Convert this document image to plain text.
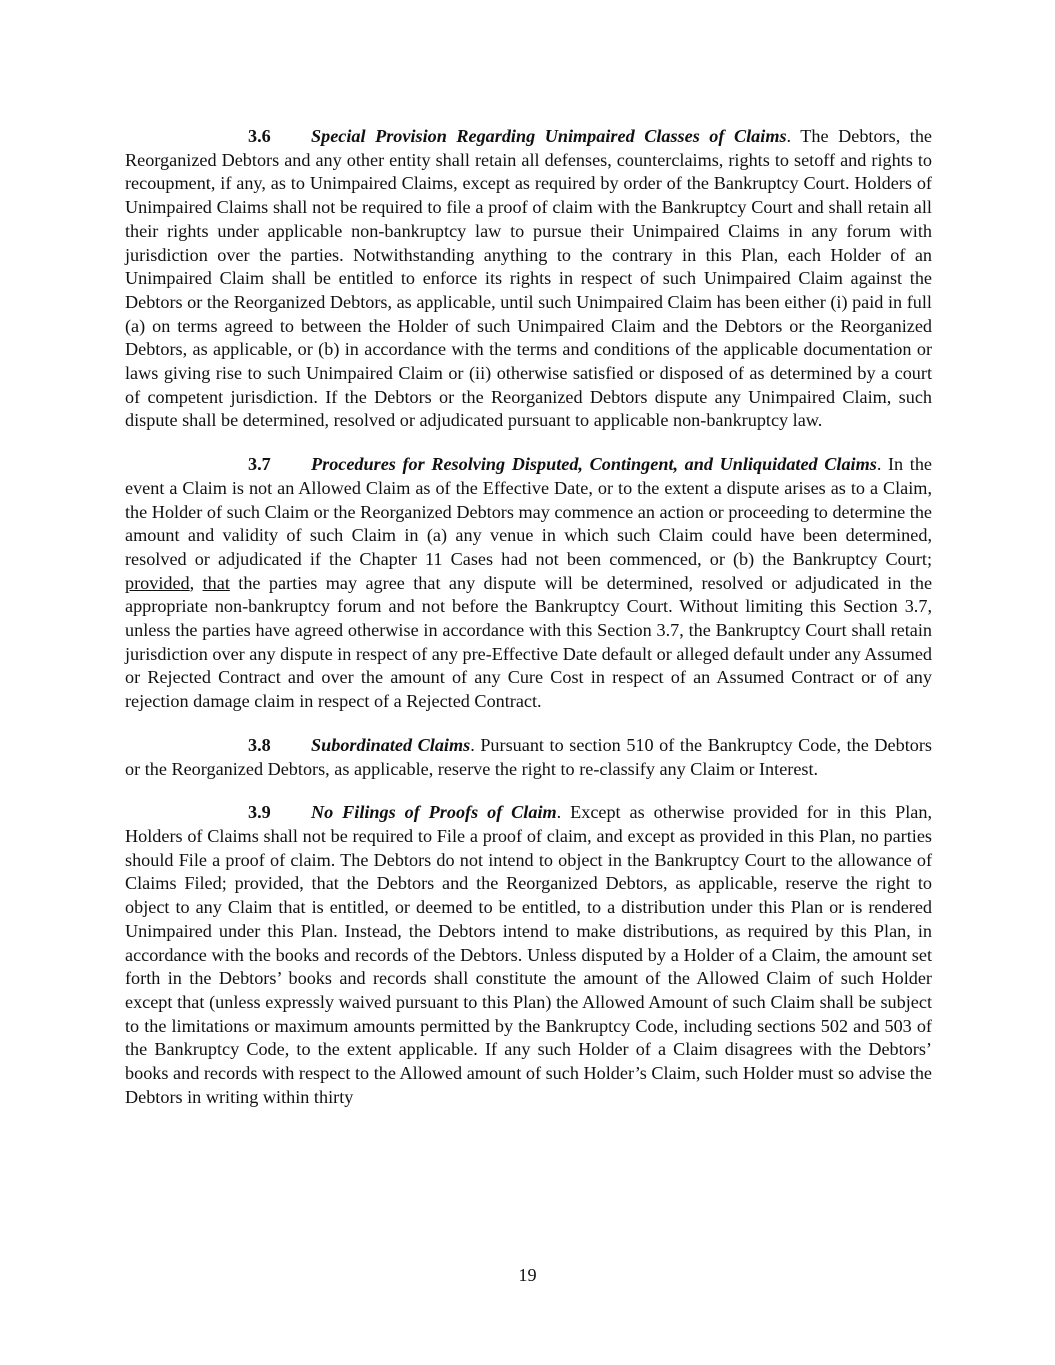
3.6 Special Provision Regarding Unimpaired Classes of Claims. The Debtors, the Reorganized Debtors and any other entity shall retain all defenses, counterclaims, rights to setoff and rights to recoupment, if any, as to Unimpaired Claims, except as required by order of the Bankruptcy Court. Holders of Unimpaired Claims shall not be required to file a proof of claim with the Bankruptcy Court and shall retain all their rights under applicable non-bankruptcy law to pursue their Unimpaired Claims in any forum with jurisdiction over the parties. Notwithstanding anything to the contrary in this Plan, each Holder of an Unimpaired Claim shall be entitled to enforce its rights in respect of such Unimpaired Claim against the Debtors or the Reorganized Debtors, as applicable, until such Unimpaired Claim has been either (i) paid in full (a) on terms agreed to between the Holder of such Unimpaired Claim and the Debtors or the Reorganized Debtors, as applicable, or (b) in accordance with the terms and conditions of the applicable documentation or laws giving rise to such Unimpaired Claim or (ii) otherwise satisfied or disposed of as determined by a court of competent jurisdiction. If the Debtors or the Reorganized Debtors dispute any Unimpaired Claim, such dispute shall be determined, resolved or adjudicated pursuant to applicable non-bankruptcy law.

3.7 Procedures for Resolving Disputed, Contingent, and Unliquidated Claims. In the event a Claim is not an Allowed Claim as of the Effective Date, or to the extent a dispute arises as to a Claim, the Holder of such Claim or the Reorganized Debtors may commence an action or proceeding to determine the amount and validity of such Claim in (a) any venue in which such Claim could have been determined, resolved or adjudicated if the Chapter 11 Cases had not been commenced, or (b) the Bankruptcy Court; provided, that the parties may agree that any dispute will be determined, resolved or adjudicated in the appropriate non-bankruptcy forum and not before the Bankruptcy Court. Without limiting this Section 3.7, unless the parties have agreed otherwise in accordance with this Section 3.7, the Bankruptcy Court shall retain jurisdiction over any dispute in respect of any pre-Effective Date default or alleged default under any Assumed or Rejected Contract and over the amount of any Cure Cost in respect of an Assumed Contract or of any rejection damage claim in respect of a Rejected Contract.

3.8 Subordinated Claims. Pursuant to section 510 of the Bankruptcy Code, the Debtors or the Reorganized Debtors, as applicable, reserve the right to re-classify any Claim or Interest.

3.9 No Filings of Proofs of Claim. Except as otherwise provided for in this Plan, Holders of Claims shall not be required to File a proof of claim, and except as provided in this Plan, no parties should File a proof of claim. The Debtors do not intend to object in the Bankruptcy Court to the allowance of Claims Filed; provided, that the Debtors and the Reorganized Debtors, as applicable, reserve the right to object to any Claim that is entitled, or deemed to be entitled, to a distribution under this Plan or is rendered Unimpaired under this Plan. Instead, the Debtors intend to make distributions, as required by this Plan, in accordance with the books and records of the Debtors. Unless disputed by a Holder of a Claim, the amount set forth in the Debtors’ books and records shall constitute the amount of the Allowed Claim of such Holder except that (unless expressly waived pursuant to this Plan) the Allowed Amount of such Claim shall be subject to the limitations or maximum amounts permitted by the Bankruptcy Code, including sections 502 and 503 of the Bankruptcy Code, to the extent applicable. If any such Holder of a Claim disagrees with the Debtors’ books and records with respect to the Allowed amount of such Holder’s Claim, such Holder must so advise the Debtors in writing within thirty

19
